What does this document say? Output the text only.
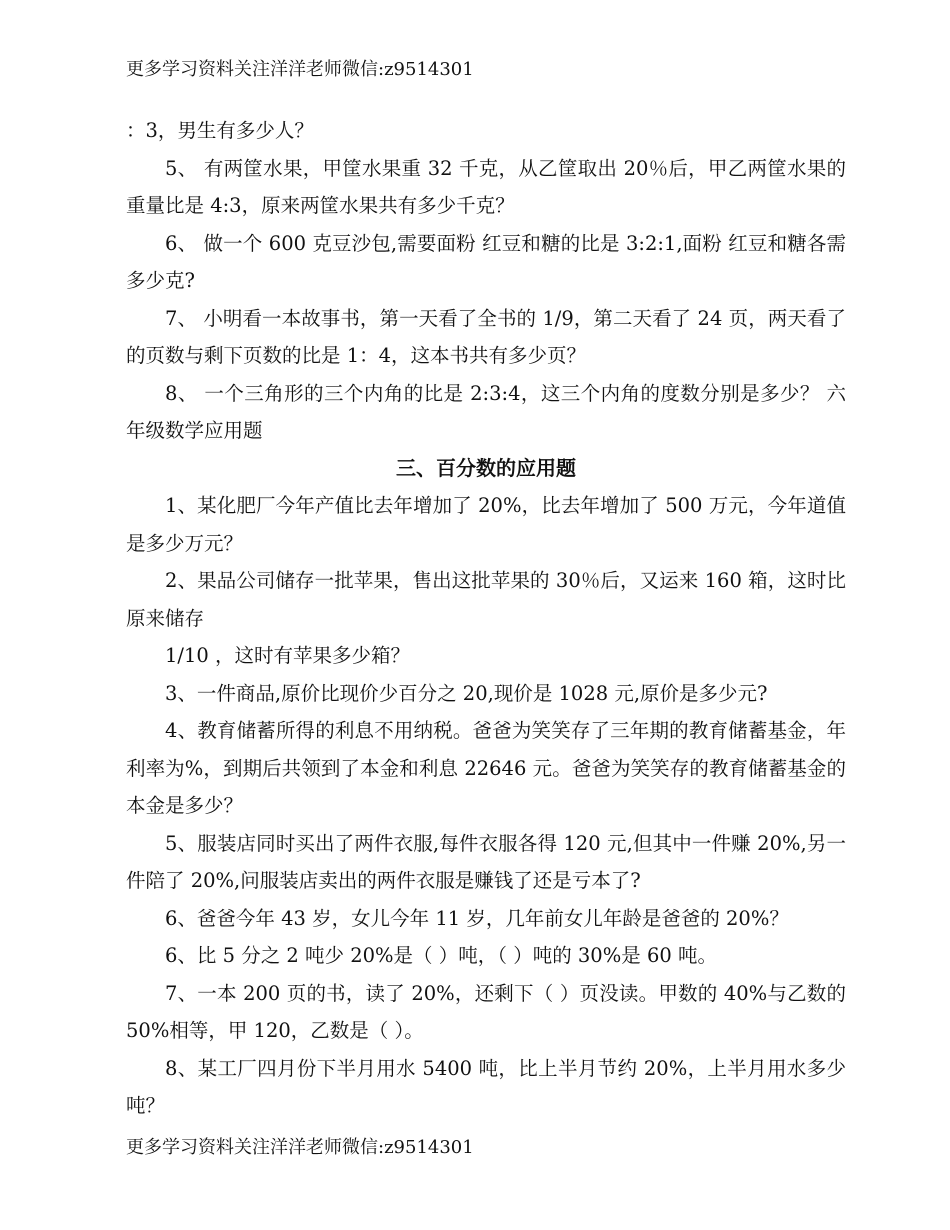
更多学习资料关注洋洋老师微信:z9514301

：3，男生有多少人？

5、 有两筐水果，甲筐水果重 32 千克，从乙筐取出 20％后，甲乙两筐水果的重量比是 4:3，原来两筐水果共有多少千克？

6、 做一个 600 克豆沙包,需要面粉 红豆和糖的比是 3:2:1,面粉 红豆和糖各需多少克?

7、 小明看一本故事书，第一天看了全书的 1/9，第二天看了 24 页，两天看了的页数与剩下页数的比是 1：4，这本书共有多少页？

8、 一个三角形的三个内角的比是 2:3:4，这三个内角的度数分别是多少？ 六年级数学应用题

三、百分数的应用题

1、某化肥厂今年产值比去年增加了 20%，比去年增加了 500 万元，今年道值是多少万元？

2、果品公司储存一批苹果，售出这批苹果的 30％后，又运来 160 箱，这时比原来储存

1/10 ，这时有苹果多少箱？

3、一件商品,原价比现价少百分之 20,现价是 1028 元,原价是多少元?

4、教育储蓄所得的利息不用纳税。爸爸为笑笑存了三年期的教育储蓄基金，年利率为%，到期后共领到了本金和利息 22646 元。爸爸为笑笑存的教育储蓄基金的本金是多少？

5、服装店同时买出了两件衣服,每件衣服各得 120 元,但其中一件赚 20%,另一件陪了 20%,问服装店卖出的两件衣服是赚钱了还是亏本了?

6、爸爸今年 43 岁，女儿今年 11 岁，几年前女儿年龄是爸爸的 20%？

6、比 5 分之 2 吨少 20%是（ ）吨，（ ）吨的 30%是 60 吨。

7、一本 200 页的书，读了 20%，还剩下（ ）页没读。甲数的 40%与乙数的 50%相等，甲 120，乙数是（ ）。

8、某工厂四月份下半月用水 5400 吨，比上半月节约 20%，上半月用水多少吨？

更多学习资料关注洋洋老师微信:z9514301
